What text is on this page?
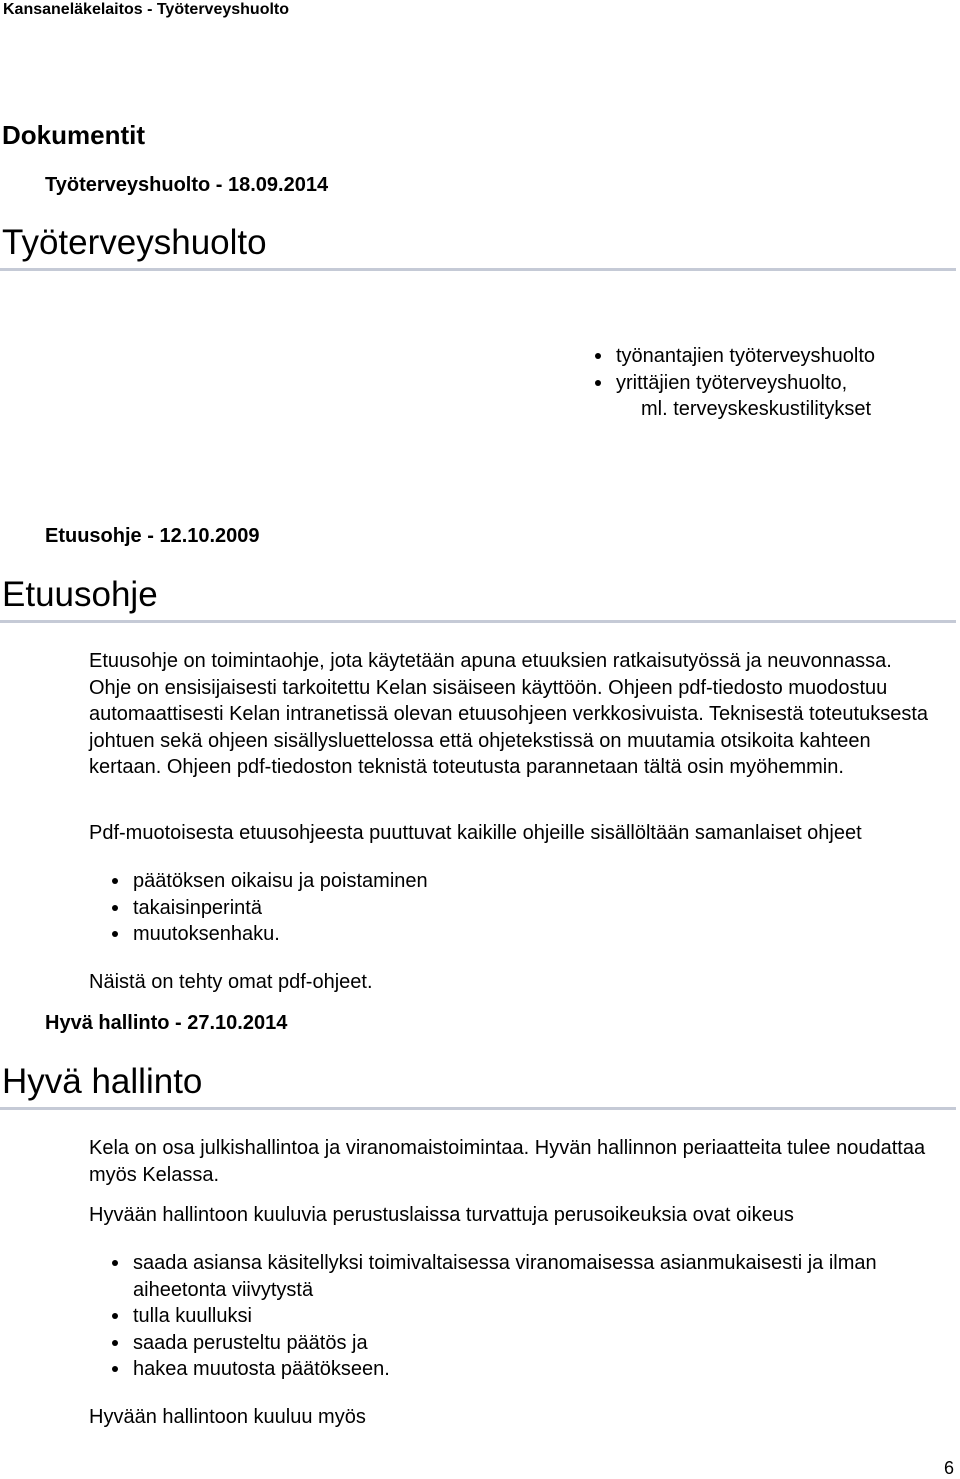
Kansaneläkelaitos - Työterveyshuolto
Dokumentit
Työterveyshuolto - 18.09.2014
Työterveyshuolto
työnantajien työterveyshuolto
yrittäjien työterveyshuolto,
ml. terveyskeskustilitykset
Etuusohje - 12.10.2009
Etuusohje
Etuusohje on toimintaohje, jota käytetään apuna etuuksien ratkaisutyössä ja neuvonnassa. Ohje on ensisijaisesti tarkoitettu Kelan sisäiseen käyttöön. Ohjeen pdf-tiedosto muodostuu automaattisesti Kelan intranetissä olevan etuusohjeen verkkosivuista. Teknisestä toteutuksesta johtuen sekä ohjeen sisällysluettelossa että ohjetekstissä on muutamia otsikoita kahteen kertaan. Ohjeen pdf-tiedoston teknistä toteutusta parannetaan tältä osin myöhemmin.
Pdf-muotoisesta etuusohjeesta puuttuvat kaikille ohjeille sisällöltään samanlaiset ohjeet
päätöksen oikaisu ja poistaminen
takaisinperintä
muutoksenhaku.
Näistä on tehty omat pdf-ohjeet.
Hyvä hallinto - 27.10.2014
Hyvä hallinto
Kela on osa julkishallintoa ja viranomaistoimintaa. Hyvän hallinnon periaatteita tulee noudattaa myös Kelassa.
Hyvään hallintoon kuuluvia perustuslaissa turvattuja perusoikeuksia ovat oikeus
saada asiansa käsitellyksi toimivaltaisessa viranomaisessa asianmukaisesti ja ilman aiheetonta viivytystä
tulla kuulluksi
saada perusteltu päätös ja
hakea muutosta päätökseen.
Hyvään hallintoon kuuluu myös
6
